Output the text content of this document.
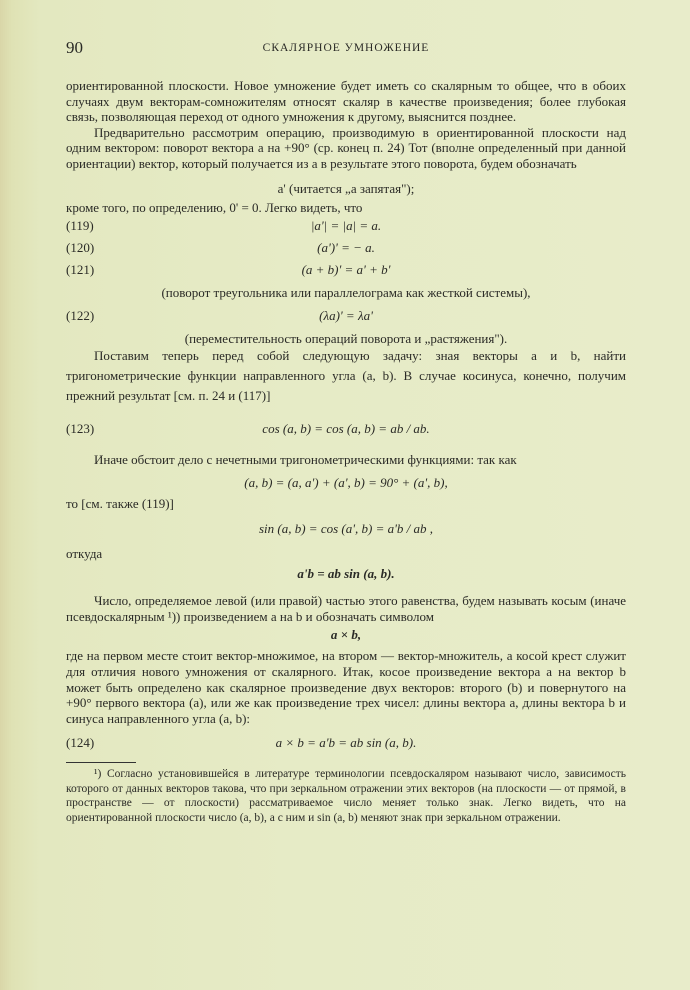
90	СКАЛЯРНОЕ УМНОЖЕНИЕ

ориентированной плоскости. Новое умножение будет иметь со скалярным то общее, что в обоих случаях двум векторам-сомножителям относят скаляр в качестве произведения; более глубокая связь, позволяющая переход от одного умножения к другому, выяснится позднее.

Предварительно рассмотрим операцию, производимую в ориентированной плоскости над одним вектором: поворот вектора a на +90° (ср. конец п. 24) Тот (вполне определенный при данной ориентации) вектор, который получается из a в результате этого поворота, будем обозначать

a' (читается „a запятая");

кроме того, по определению, 0' = 0. Легко видеть, что

(119)	|a'| = |a| = a.
(120)	(a')' = − a.
(121)	(a + b)' = a' + b'

(поворот треугольника или параллелограма как жесткой системы),

(122)	(λa)' = λa'

(переместительность операций поворота и „растяжения").

Поставим теперь перед собой следующую задачу: зная векторы a и b, найти тригонометрические функции направленного угла (a, b). В случае косинуса, конечно, получим прежний результат [см. п. 24 и (117)]

(123)	cos (a, b) = cos (a, b) = ab / ab.

Иначе обстоит дело с нечетными тригонометрическими функциями: так как

(a, b) = (a, a') + (a', b) = 90° + (a', b),

то [см. также (119)]

sin (a, b) = cos (a', b) = a'b / ab ,

откуда

a'b = ab sin (a, b).

Число, определяемое левой (или правой) частью этого равенства, будем называть косым (иначе псевдоскалярным ¹)) произведением a на b и обозначать символом

a × b,

где на первом месте стоит вектор-множимое, на втором — вектор-множитель, а косой крест служит для отличия нового умножения от скалярного. Итак, косое произведение вектора a на вектор b может быть определено как скалярное произведение двух векторов: второго (b) и повернутого на +90° первого вектора (a), или же как произведение трех чисел: длины вектора a, длины вектора b и синуса направленного угла (a, b):

(124)	a × b = a'b = ab sin (a, b).

¹) Согласно установившейся в литературе терминологии псевдоскаляром называют число, зависимость которого от данных векторов такова, что при зеркальном отражении этих векторов (на плоскости — от прямой, в пространстве — от плоскости) рассматриваемое число меняет только знак. Легко видеть, что на ориентированной плоскости число (a, b), а с ним и sin (a, b) меняют знак при зеркальном отражении.
